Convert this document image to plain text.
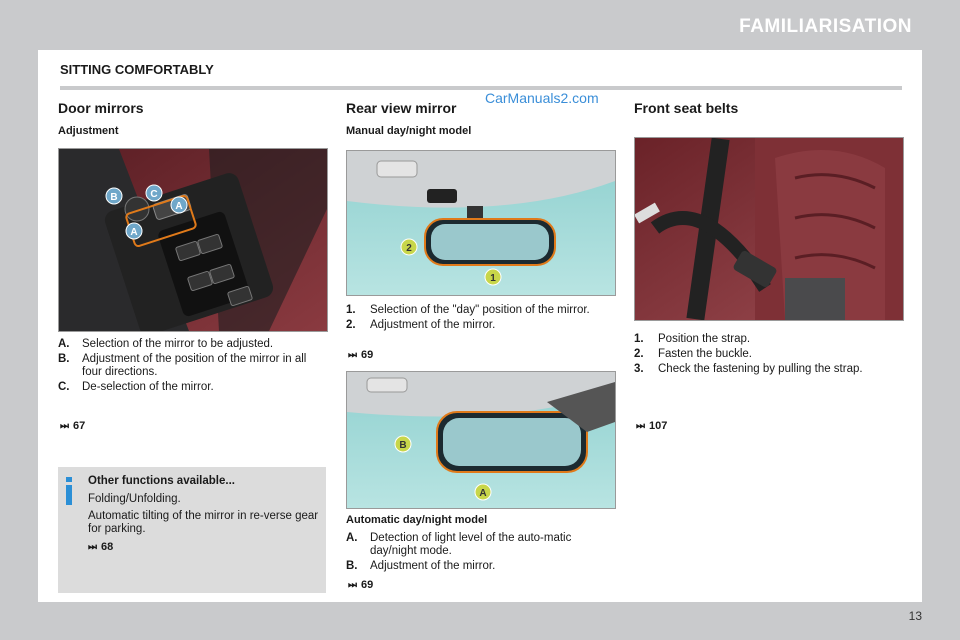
FAMILIARISATION
SITTING COMFORTABLY
CarManuals2.com
Door mirrors
Adjustment
B	C
A
A
A. Selection of the mirror to be adjusted.
B. Adjustment of the position of the mirror in all four directions.
C. De-selection of the mirror.
⏭ 67
Other functions available...
Folding/Unfolding.
Automatic tilting of the mirror in re-verse gear for parking.
⏭ 68
Rear view mirror
Manual day/night model
2
1
1. Selection of the "day" position of the mirror.
2. Adjustment of the mirror.
⏭ 69
B
A
Automatic day/night model
A. Detection of light level of the auto-matic day/night mode.
B. Adjustment of the mirror.
⏭ 69
Front seat belts
1. Position the strap.
2. Fasten the buckle.
3. Check the fastening by pulling the strap.
⏭ 107
13
